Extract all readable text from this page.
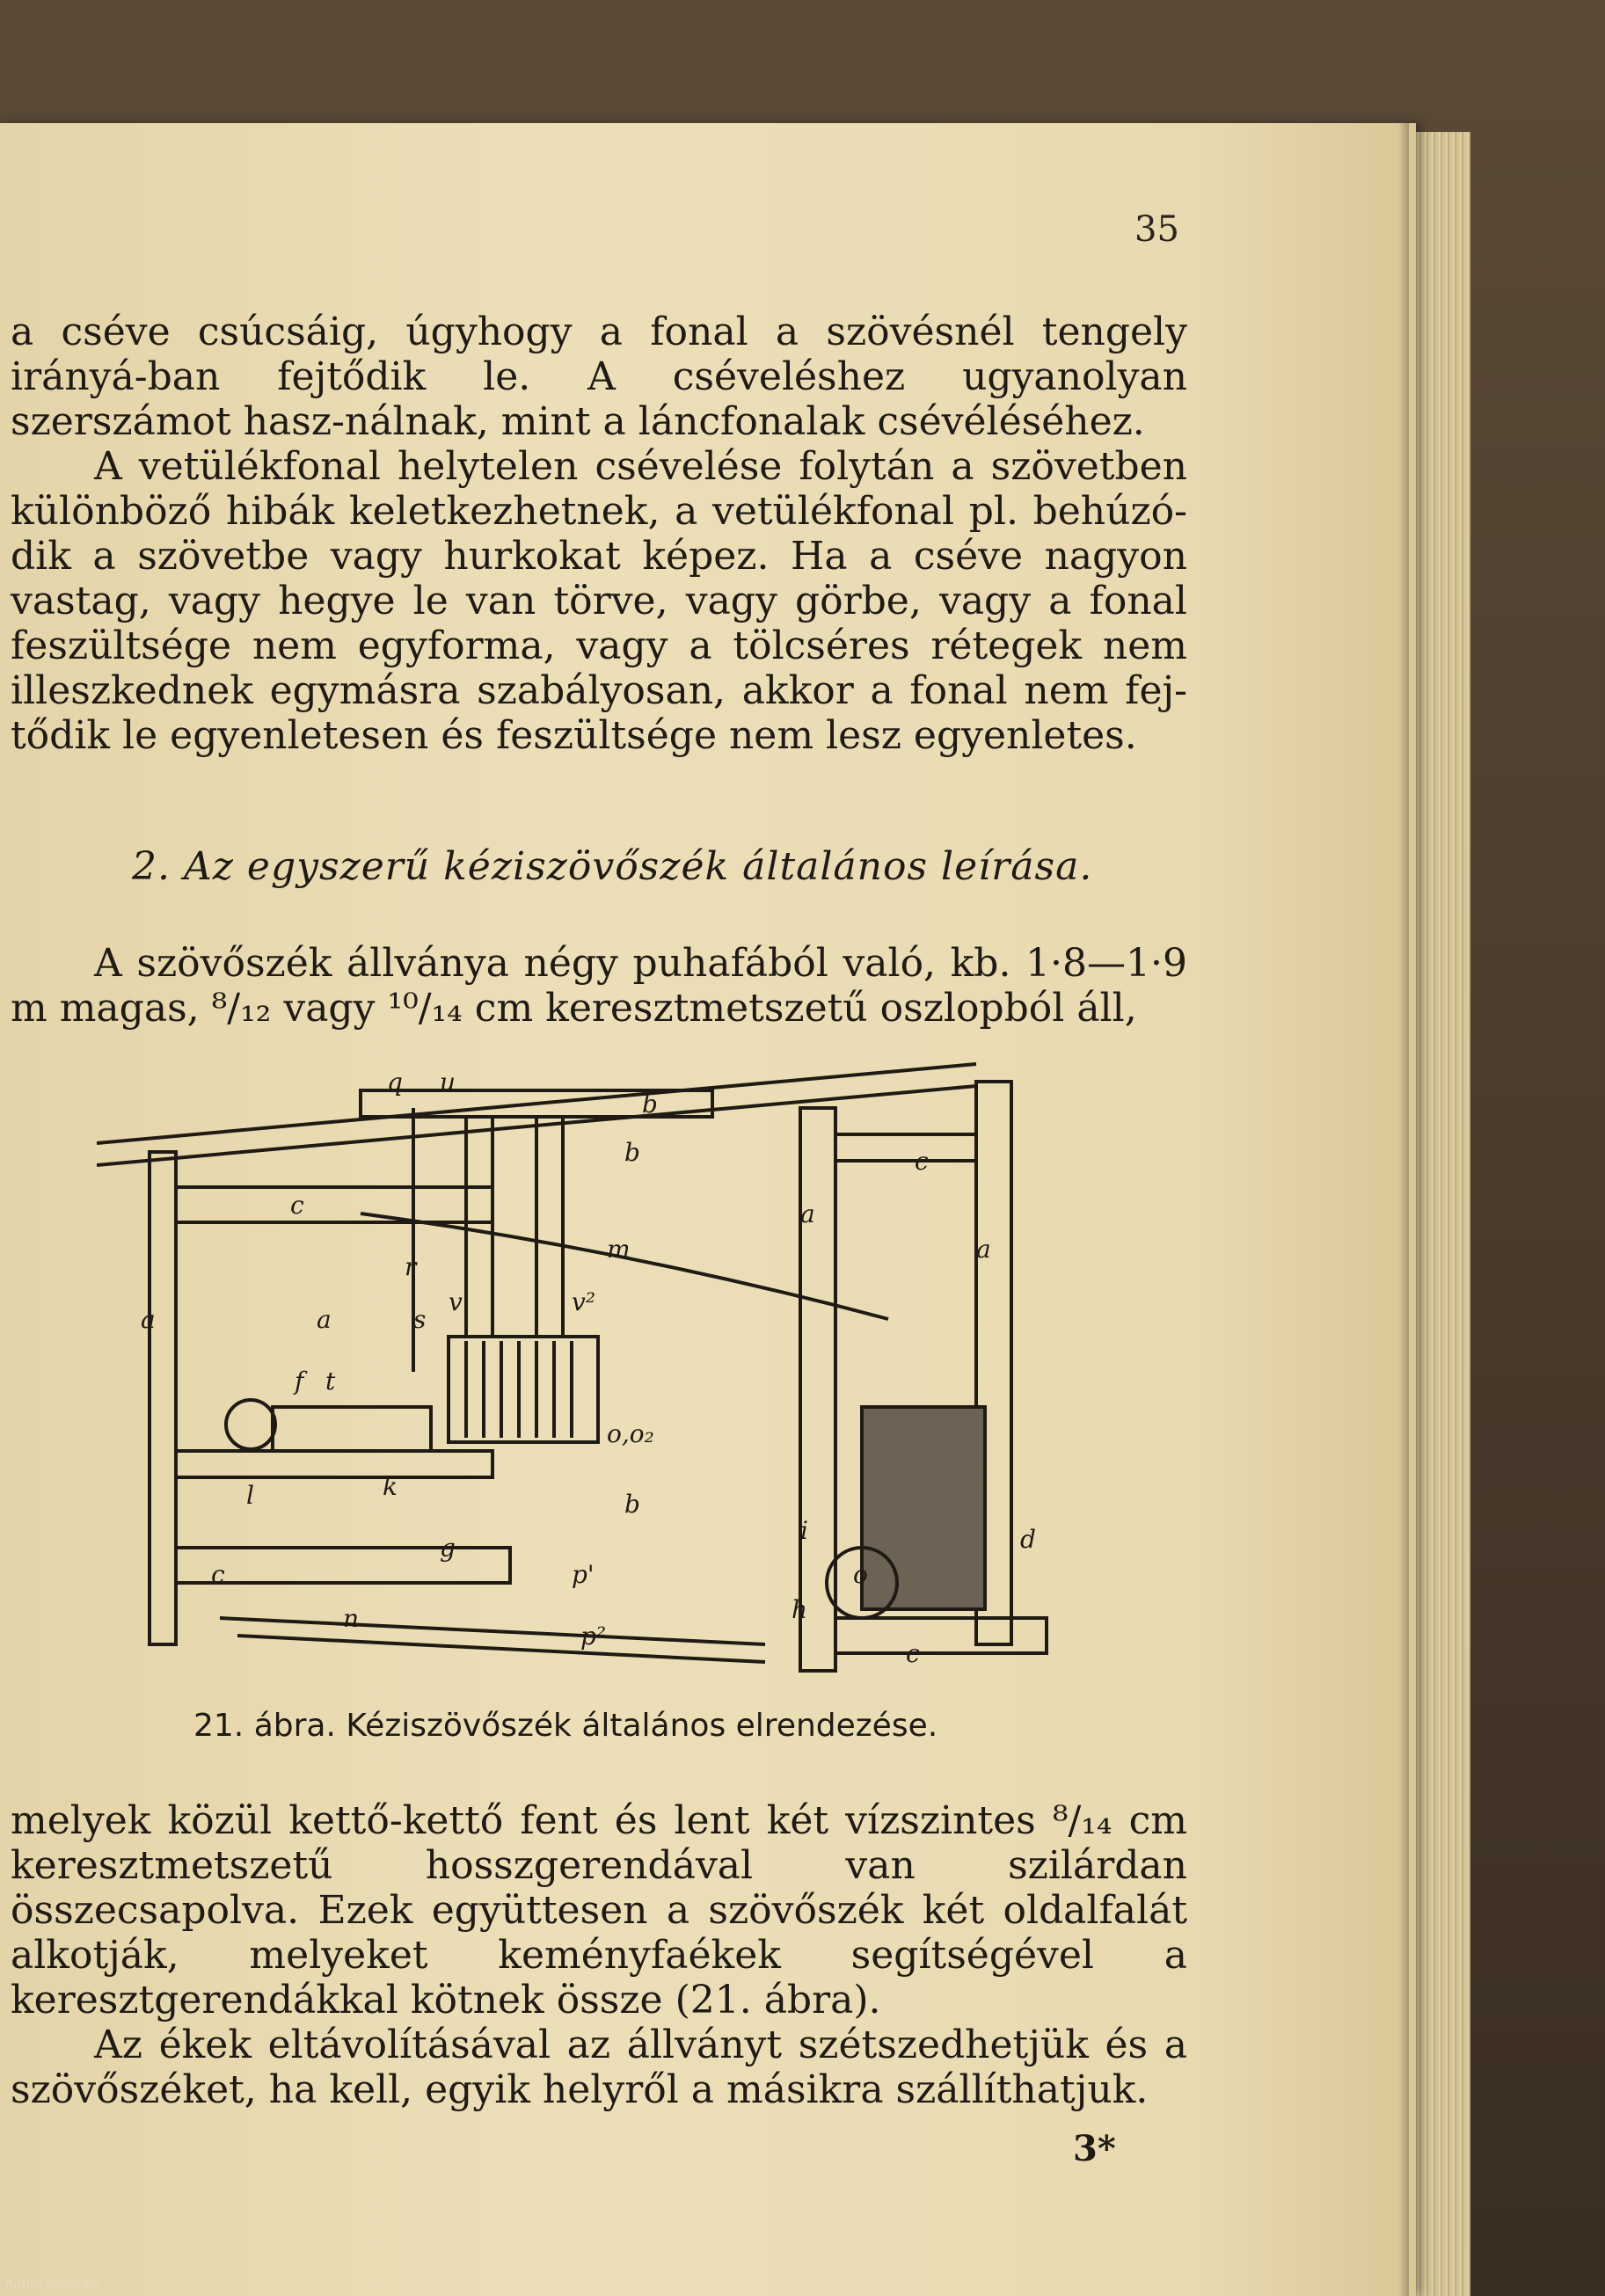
35

a cséve csúcsáig, úgyhogy a fonal a szövésnél tengely irányá-ban fejtődik le. A cséveléshez ugyanolyan szerszámot hasz-nálnak, mint a láncfonalak csévéléséhez.

A vetülékfonal helytelen csévelése folytán a szövetben különböző hibák keletkezhetnek, a vetülékfonal pl. behúzó-dik a szövetbe vagy hurkokat képez. Ha a cséve nagyon vastag, vagy hegye le van törve, vagy görbe, vagy a fonal feszültsége nem egyforma, vagy a tölcséres rétegek nem illeszkednek egymásra szabályosan, akkor a fonal nem fej-tődik le egyenletesen és feszültsége nem lesz egyenletes.

2. Az egyszerű kéziszövőszék általános leírása.
A szövőszék állványa négy puhafából való, kb. 1·8—1·9 m magas, ⁸/₁₂ vagy ¹⁰/₁₄ cm keresztmetszetű oszlopból áll,
q u
b
b
c
c
a
a
a
a
m
r
v'	v²
s
f t
o,o₂
l	k
b
g
c	p'
n
p²
i
h
o
d
c
21. ábra. Kéziszövőszék általános elrendezése.

melyek közül kettő-kettő fent és lent két vízszintes ⁸/₁₄ cm keresztmetszetű hosszgerendával van szilárdan összecsapolva. Ezek együttesen a szövőszék két oldalfalát alkotják, melyeket keményfaékek segítségével a keresztgerendákkal kötnek össze (21. ábra).

Az ékek eltávolításával az állványt szétszedhetjük és a szövőszéket, ha kell, egyik helyről a másikra szállíthatjuk.

3*
Antikvarium.hu
